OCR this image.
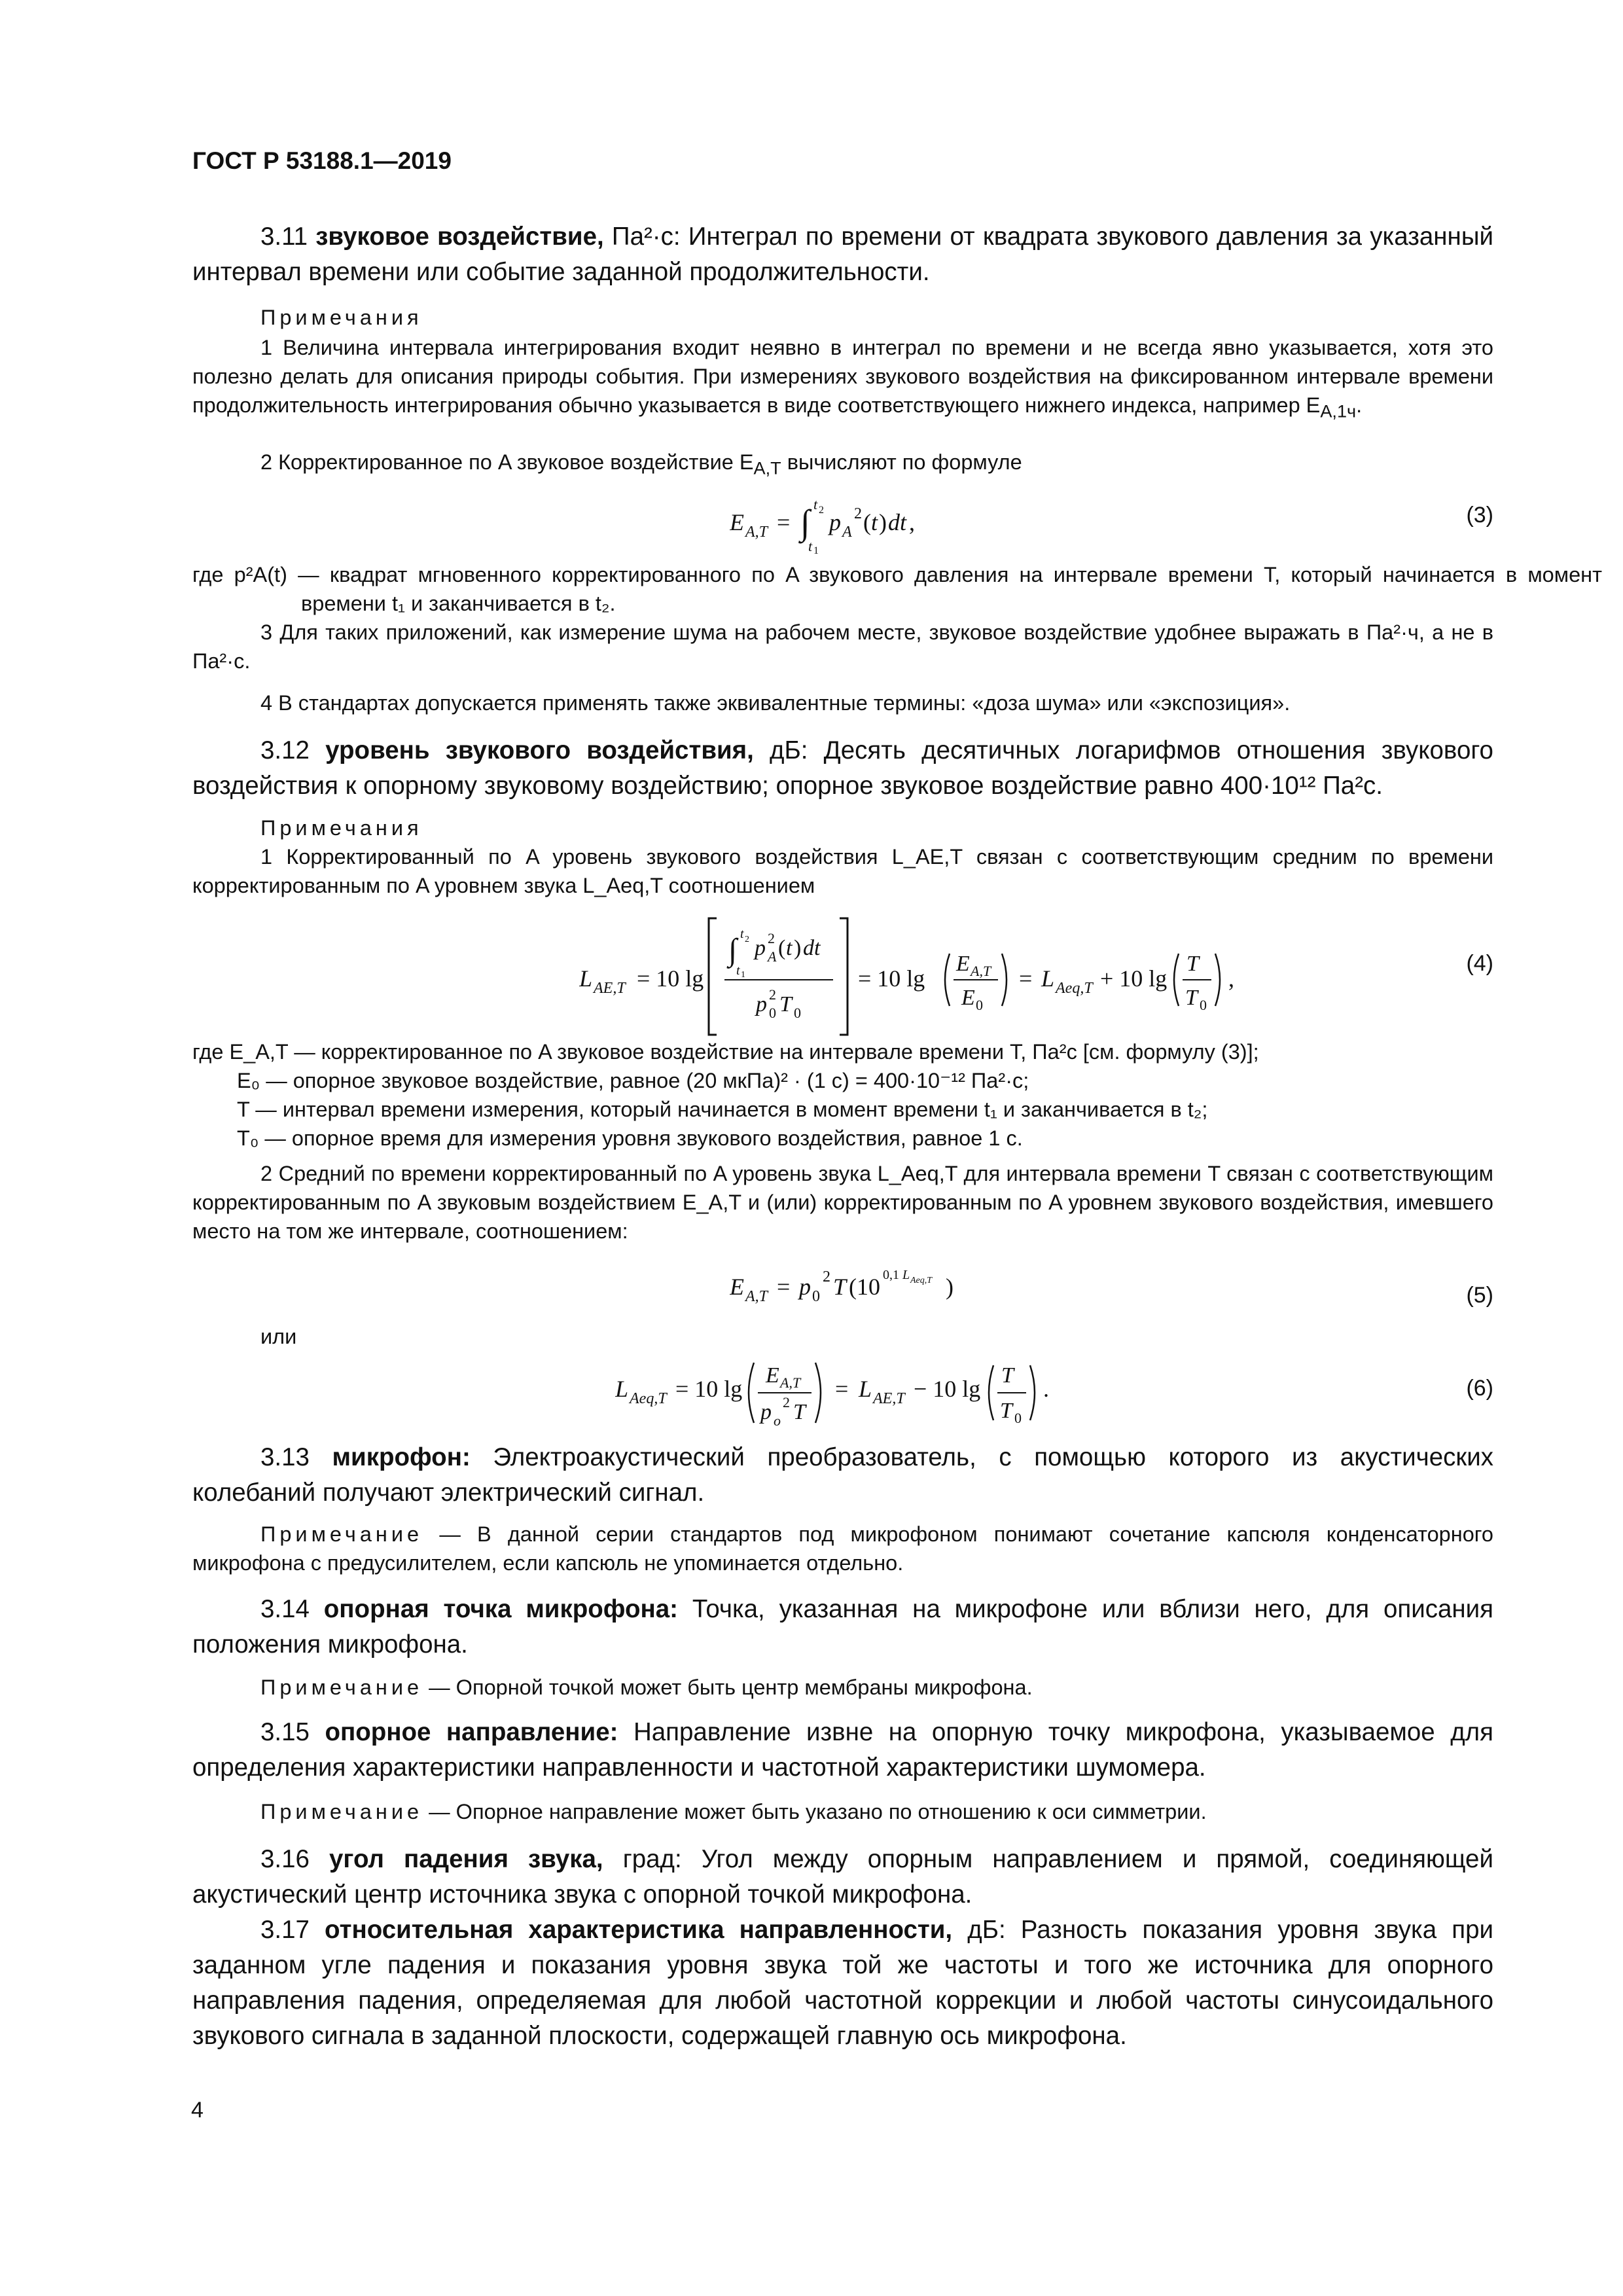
ГОСТ Р 53188.1—2019
3.11 звуковое воздействие, Па²·с: Интеграл по времени от квадрата звукового давления за указанный интервал времени или событие заданной продолжительности.
Примечания
1 Величина интервала интегрирования входит неявно в интеграл по времени и не всегда явно указывается, хотя это полезно делать для описания природы события. При измерениях звукового воздействия на фиксированном интервале времени продолжительность интегрирования обычно указывается в виде соответствующего нижнего индекса, например $E_{A,1ч}$.
2 Корректированное по A звуковое воздействие $E_{A,T}$ вычисляют по формуле
E A,T = ∫ t 2
t 1
p A
2 ( t ) dt ,	(3)
где p²A(t) — квадрат мгновенного корректированного по A звукового давления на интервале времени T, который начинается в момент времени t₁ и заканчивается в t₂.
3 Для таких приложений, как измерение шума на рабочем месте, звуковое воздействие удобнее выражать в Па²·ч, а не в Па²·с.
4 В стандартах допускается применять также эквивалентные термины: «доза шума» или «экспозиция».
3.12 уровень звукового воздействия, дБ: Десять десятичных логарифмов отношения звукового воздействия к опорному звуковому воздействию; опорное звуковое воздействие равно 400·10¹² Па²с.
Примечания
1 Корректированный по A уровень звукового воздействия L_AE,T связан с соответствующим средним по времени корректированным по A уровнем звука L_Aeq,T соотношением
L AE,T = 10 lg
∫ t 2
t 1
p A
2 ( t ) dt
p 0
2 T 0
= 10 lg
E A,T
E 0
= L Aeq,T + 10 lg
T
T 0
,
(4)
где E_A,T — корректированное по A звуковое воздействие на интервале времени T, Па²с [см. формулу (3)];
E₀ — опорное звуковое воздействие, равное (20 мкПа)² · (1 с) = 400·10⁻¹² Па²·с;
T — интервал времени измерения, который начинается в момент времени t₁ и заканчивается в t₂;
T₀ — опорное время для измерения уровня звукового воздействия, равное 1 с.
2 Средний по времени корректированный по A уровень звука L_Aeq,T для интервала времени T связан с соответствующим корректированным по A звуковым воздействием E_A,T и (или) корректированным по A уровнем звукового воздействия, имевшего место на том же интервале, соотношением:
E A,T = p 0
2 T (10 0,1 L Aeq,T )	(5)
или
L Aeq,T = 10 lg
E A,T
p o
2 T
= L AE,T − 10 lg
T
T 0
.	(6)
3.13 микрофон: Электроакустический преобразователь, с помощью которого из акустических колебаний получают электрический сигнал.
Примечание — В данной серии стандартов под микрофоном понимают сочетание капсюля конденсаторного микрофона с предусилителем, если капсюль не упоминается отдельно.
3.14 опорная точка микрофона: Точка, указанная на микрофоне или вблизи него, для описания положения микрофона.
Примечание — Опорной точкой может быть центр мембраны микрофона.
3.15 опорное направление: Направление извне на опорную точку микрофона, указываемое для определения характеристики направленности и частотной характеристики шумомера.
Примечание — Опорное направление может быть указано по отношению к оси симметрии.
3.16 угол падения звука, град: Угол между опорным направлением и прямой, соединяющей акустический центр источника звука с опорной точкой микрофона.
3.17 относительная характеристика направленности, дБ: Разность показания уровня звука при заданном угле падения и показания уровня звука той же частоты и того же источника для опорного направления падения, определяемая для любой частотной коррекции и любой частоты синусоидального звукового сигнала в заданной плоскости, содержащей главную ось микрофона.
4
